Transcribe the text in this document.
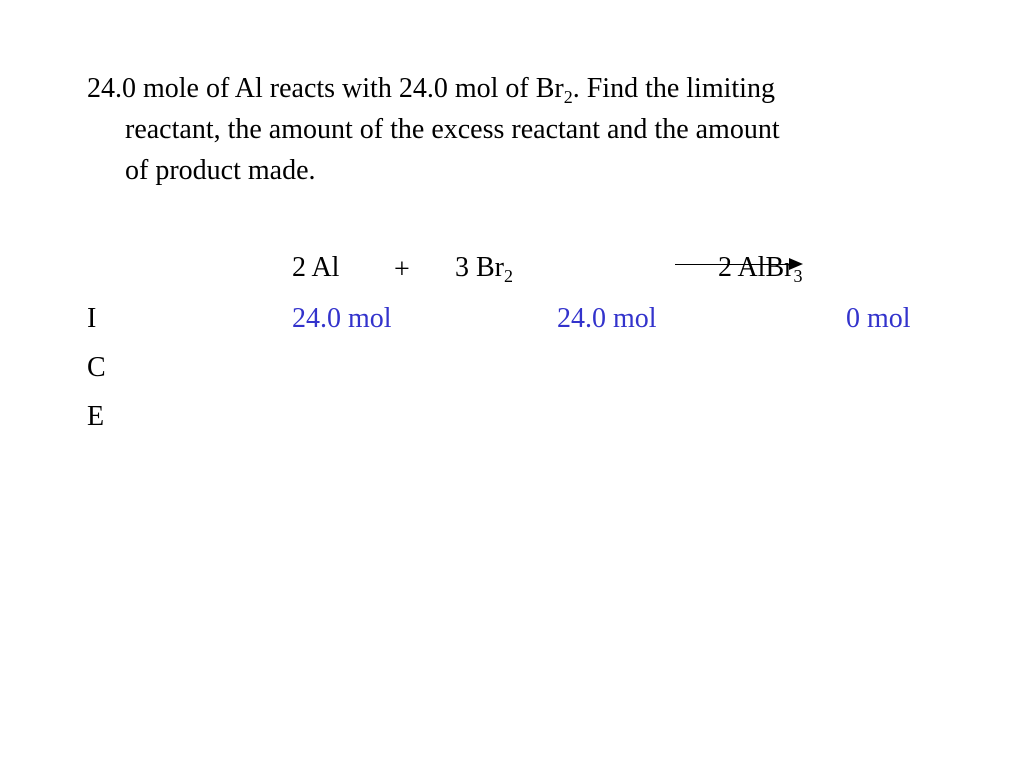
24.0 mole of Al reacts with 24.0 mol of $Br_2$. Find the limiting
reactant, the amount of the excess reactant and the amount
of product made.
2 Al + 3 $Br_2$	2 AlBr$_3$
I	24.0 mol	24.0 mol	0 mol
C
E
